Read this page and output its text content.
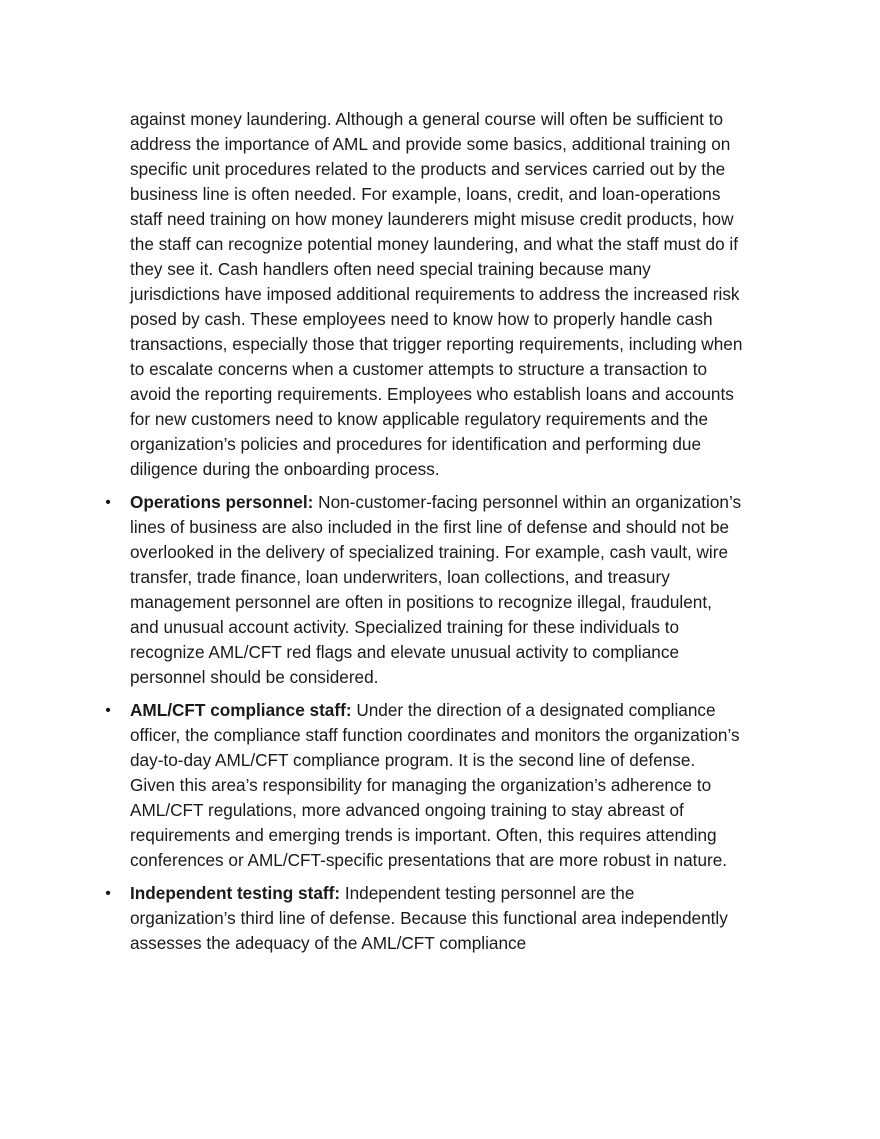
against money laundering. Although a general course will often be sufficient to address the importance of AML and provide some basics, additional training on specific unit procedures related to the products and services carried out by the business line is often needed. For example, loans, credit, and loan-operations staff need training on how money launderers might misuse credit products, how the staff can recognize potential money laundering, and what the staff must do if they see it. Cash handlers often need special training because many jurisdictions have imposed additional requirements to address the increased risk posed by cash. These employees need to know how to properly handle cash transactions, especially those that trigger reporting requirements, including when to escalate concerns when a customer attempts to structure a transaction to avoid the reporting requirements. Employees who establish loans and accounts for new customers need to know applicable regulatory requirements and the organization’s policies and procedures for identification and performing due diligence during the onboarding process.

• Operations personnel: Non-customer-facing personnel within an organization’s lines of business are also included in the first line of defense and should not be overlooked in the delivery of specialized training. For example, cash vault, wire transfer, trade finance, loan underwriters, loan collections, and treasury management personnel are often in positions to recognize illegal, fraudulent, and unusual account activity. Specialized training for these individuals to recognize AML/CFT red flags and elevate unusual activity to compliance personnel should be considered.
• AML/CFT compliance staff: Under the direction of a designated compliance officer, the compliance staff function coordinates and monitors the organization’s day-to-day AML/CFT compliance program. It is the second line of defense. Given this area’s responsibility for managing the organization’s adherence to AML/CFT regulations, more advanced ongoing training to stay abreast of requirements and emerging trends is important. Often, this requires attending conferences or AML/CFT-specific presentations that are more robust in nature.
• Independent testing staff: Independent testing personnel are the organization’s third line of defense. Because this functional area independently assesses the adequacy of the AML/CFT compliance
